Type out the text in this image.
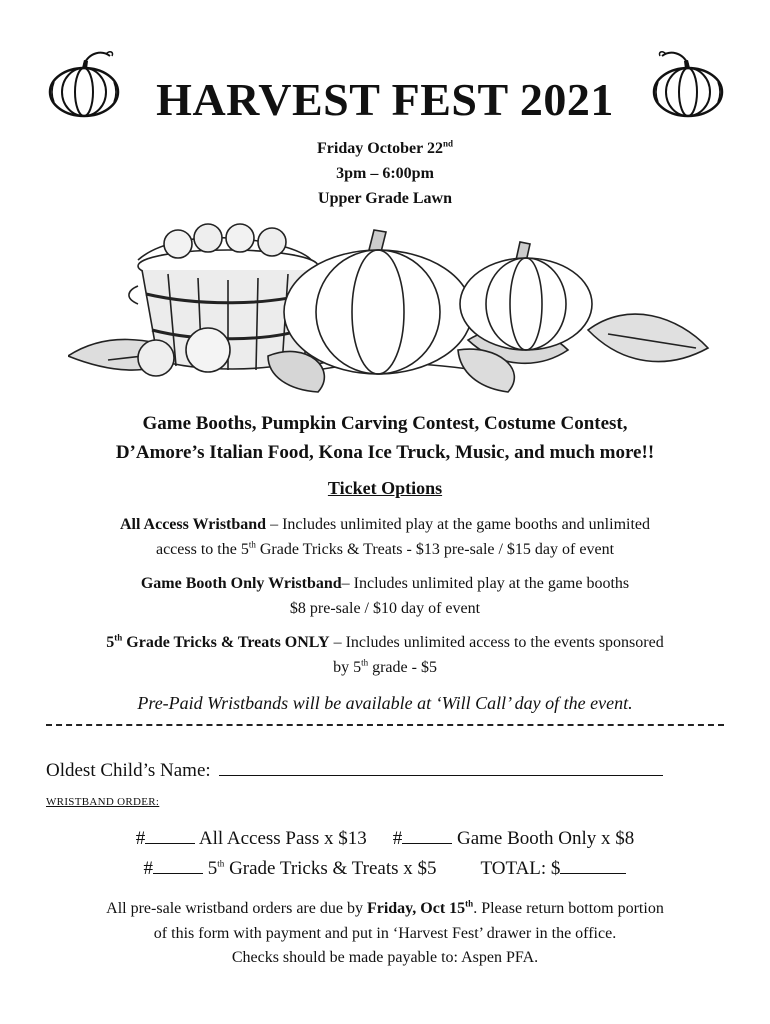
HARVEST FEST 2021
Friday October 22nd
3pm – 6:00pm
Upper Grade Lawn
Game Booths, Pumpkin Carving Contest, Costume Contest,
D’Amore’s Italian Food, Kona Ice Truck, Music, and much more!!
Ticket Options
All Access Wristband – Includes unlimited play at the game booths and unlimited
access to the 5th Grade Tricks & Treats - $13 pre-sale / $15 day of event
Game Booth Only Wristband– Includes unlimited play at the game booths
$8 pre-sale / $10 day of event
5th Grade Tricks & Treats ONLY – Includes unlimited access to the events sponsored
by 5th grade - $5
Pre-Paid Wristbands will be available at ‘Will Call’ day of the event.
Oldest Child’s Name:
WRISTBAND ORDER:
#	All Access Pass x $13 #	Game Booth Only x $8
#	5th Grade Tricks & Treats x $5 TOTAL: $
All pre-sale wristband orders are due by Friday, Oct 15th. Please return bottom portion
of this form with payment and put in ‘Harvest Fest’ drawer in the office.
Checks should be made payable to: Aspen PFA.
